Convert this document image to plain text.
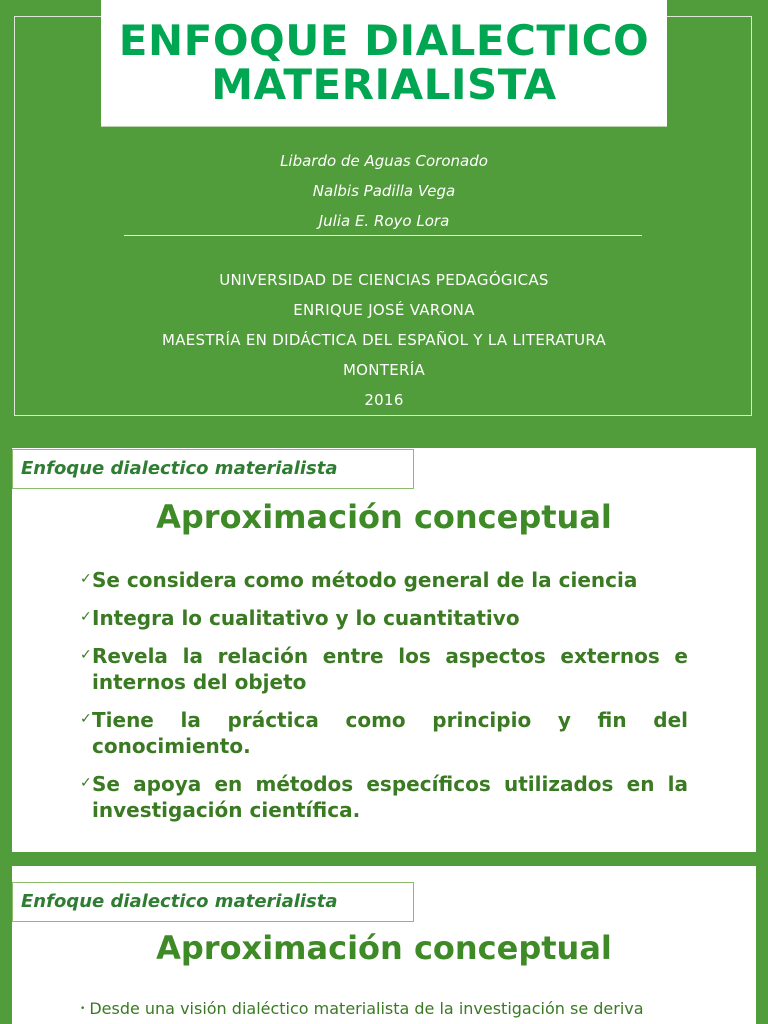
ENFOQUE DIALECTICO
MATERIALISTA
Libardo de Aguas Coronado
Nalbis Padilla Vega
Julia E. Royo Lora
UNIVERSIDAD DE CIENCIAS PEDAGÓGICAS
ENRIQUE JOSÉ VARONA
MAESTRÍA EN DIDÁCTICA DEL ESPAÑOL Y LA LITERATURA
MONTERÍA
2016
Enfoque dialectico materialista
Aproximación conceptual
✓ Se considera como método general de la ciencia
✓ Integra lo cualitativo y lo cuantitativo
✓ Revela la relación entre los aspectos externos e internos del objeto
✓ Tiene la práctica como principio y fin del conocimiento.
✓ Se apoya en métodos específicos utilizados en la investigación científica.
Enfoque dialectico materialista
Aproximación conceptual
• Desde una visión dialéctico materialista de la investigación se deriva
